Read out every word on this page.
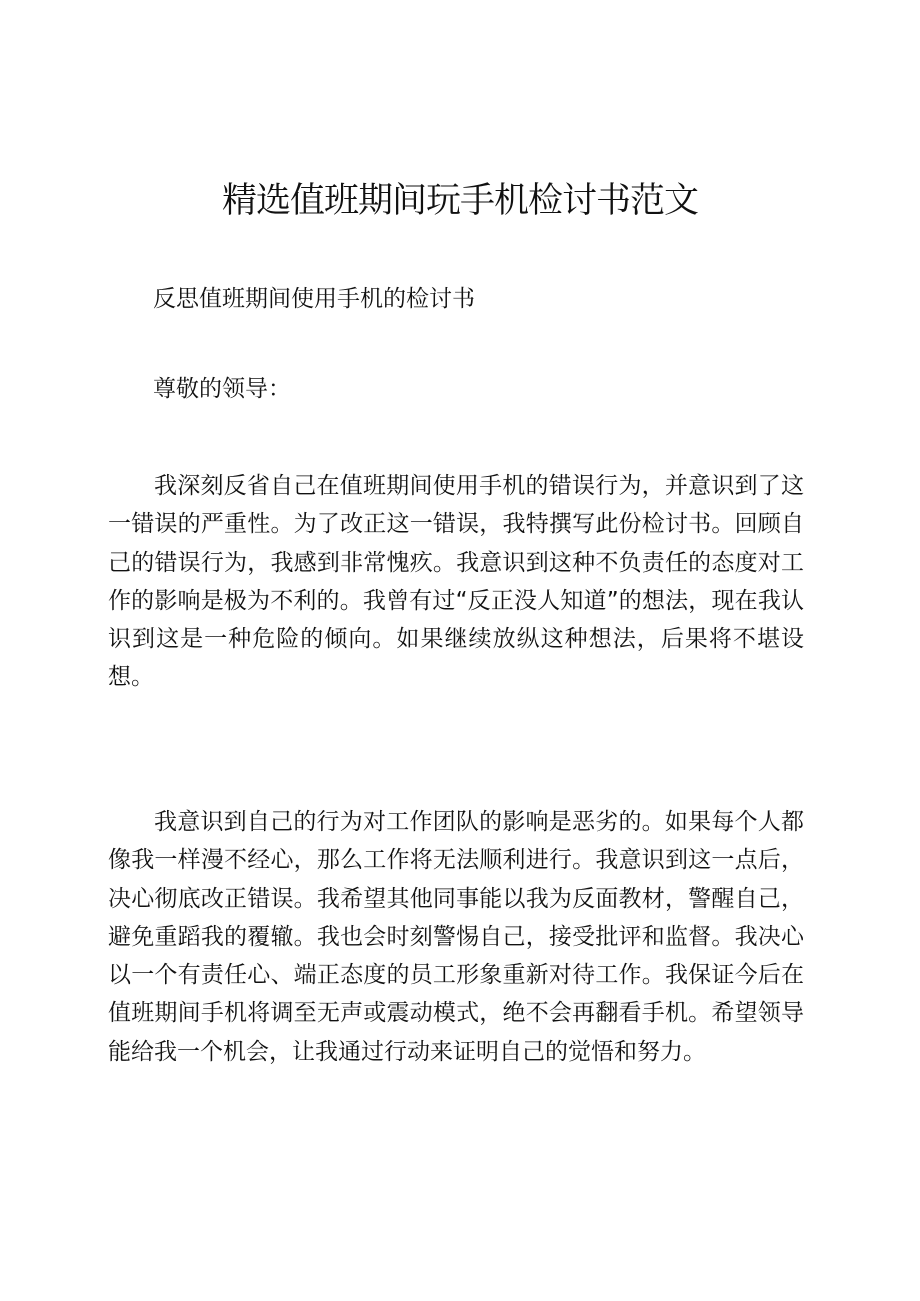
精选值班期间玩手机检讨书范文

反思值班期间使用手机的检讨书

尊敬的领导：

我深刻反省自己在值班期间使用手机的错误行为，并意识到了这一错误的严重性。为了改正这一错误，我特撰写此份检讨书。回顾自己的错误行为，我感到非常愧疚。我意识到这种不负责任的态度对工作的影响是极为不利的。我曾有过“反正没人知道”的想法，现在我认识到这是一种危险的倾向。如果继续放纵这种想法，后果将不堪设想。

我意识到自己的行为对工作团队的影响是恶劣的。如果每个人都像我一样漫不经心，那么工作将无法顺利进行。我意识到这一点后，决心彻底改正错误。我希望其他同事能以我为反面教材，警醒自己，避免重蹈我的覆辙。我也会时刻警惕自己，接受批评和监督。我决心以一个有责任心、端正态度的员工形象重新对待工作。我保证今后在值班期间手机将调至无声或震动模式，绝不会再翻看手机。希望领导能给我一个机会，让我通过行动来证明自己的觉悟和努力。
